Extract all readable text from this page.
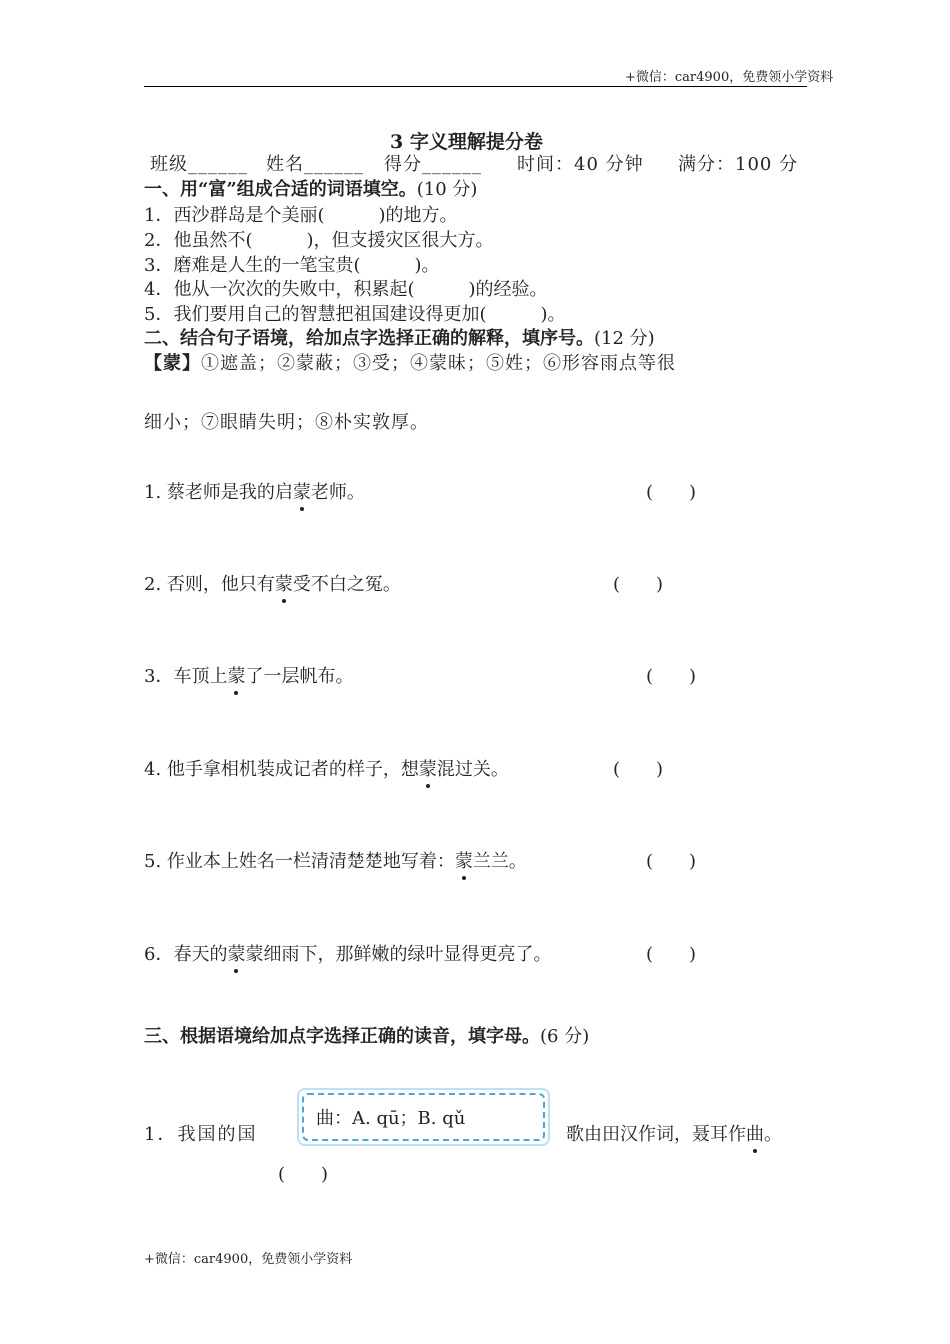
+微信：car4900，免费领小学资料
3 字义理解提分卷
班级______ 姓名______ 得分______ 时间：40 分钟 满分：100 分
一、用“富”组成合适的词语填空。(10 分)
1．西沙群岛是个美丽(　　　)的地方。
2．他虽然不(　　　)，但支援灾区很大方。
3．磨难是人生的一笔宝贵(　　　)。
4．他从一次次的失败中，积累起(　　　)的经验。
5．我们要用自己的智慧把祖国建设得更加(　　　)。
二、结合句子语境，给加点字选择正确的解释，填序号。(12 分)
【蒙】①遮盖；②蒙蔽；③受；④蒙昧；⑤姓；⑥形容雨点等很
细小；⑦眼睛失明；⑧朴实敦厚。
1. 蔡老师是我的启蒙老师。	(　　)
2. 否则，他只有蒙受不白之冤。	(　　)
3．车顶上蒙了一层帆布。	(　　)
4. 他手拿相机装成记者的样子，想蒙混过关。	(　　)
5. 作业本上姓名一栏清清楚楚地写着：蒙兰兰。	(　　)
6．春天的蒙蒙细雨下，那鲜嫩的绿叶显得更亮了。	(　　)
三、根据语境给加点字选择正确的读音，填字母。(6 分)
1．我国的国
曲：A. qū；B. qǔ
歌由田汉作词，聂耳作曲。
(　　)
+微信：car4900，免费领小学资料
